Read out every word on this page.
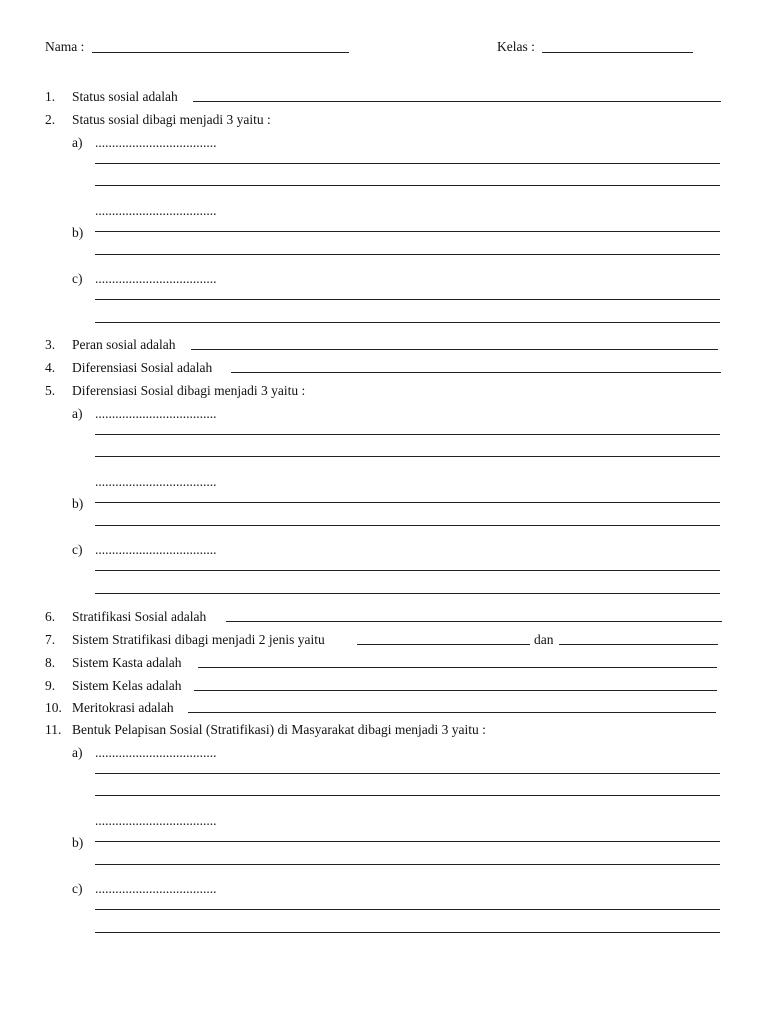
Nama :	Kelas :
1. Status sosial adalah
2. Status sosial dibagi menjadi 3 yaitu :
a) ....................................
....................................
b)
c) ....................................
3. Peran sosial adalah
4. Diferensiasi Sosial adalah
5. Diferensiasi Sosial dibagi menjadi 3 yaitu :
a) ....................................
....................................
b)
c) ....................................
6. Stratifikasi Sosial adalah
7. Sistem Stratifikasi dibagi menjadi 2 jenis yaitu	dan
8. Sistem Kasta adalah
9. Sistem Kelas adalah
10. Meritokrasi adalah
11. Bentuk Pelapisan Sosial (Stratifikasi) di Masyarakat dibagi menjadi 3 yaitu :
a) ....................................
....................................
b)
c) ....................................
